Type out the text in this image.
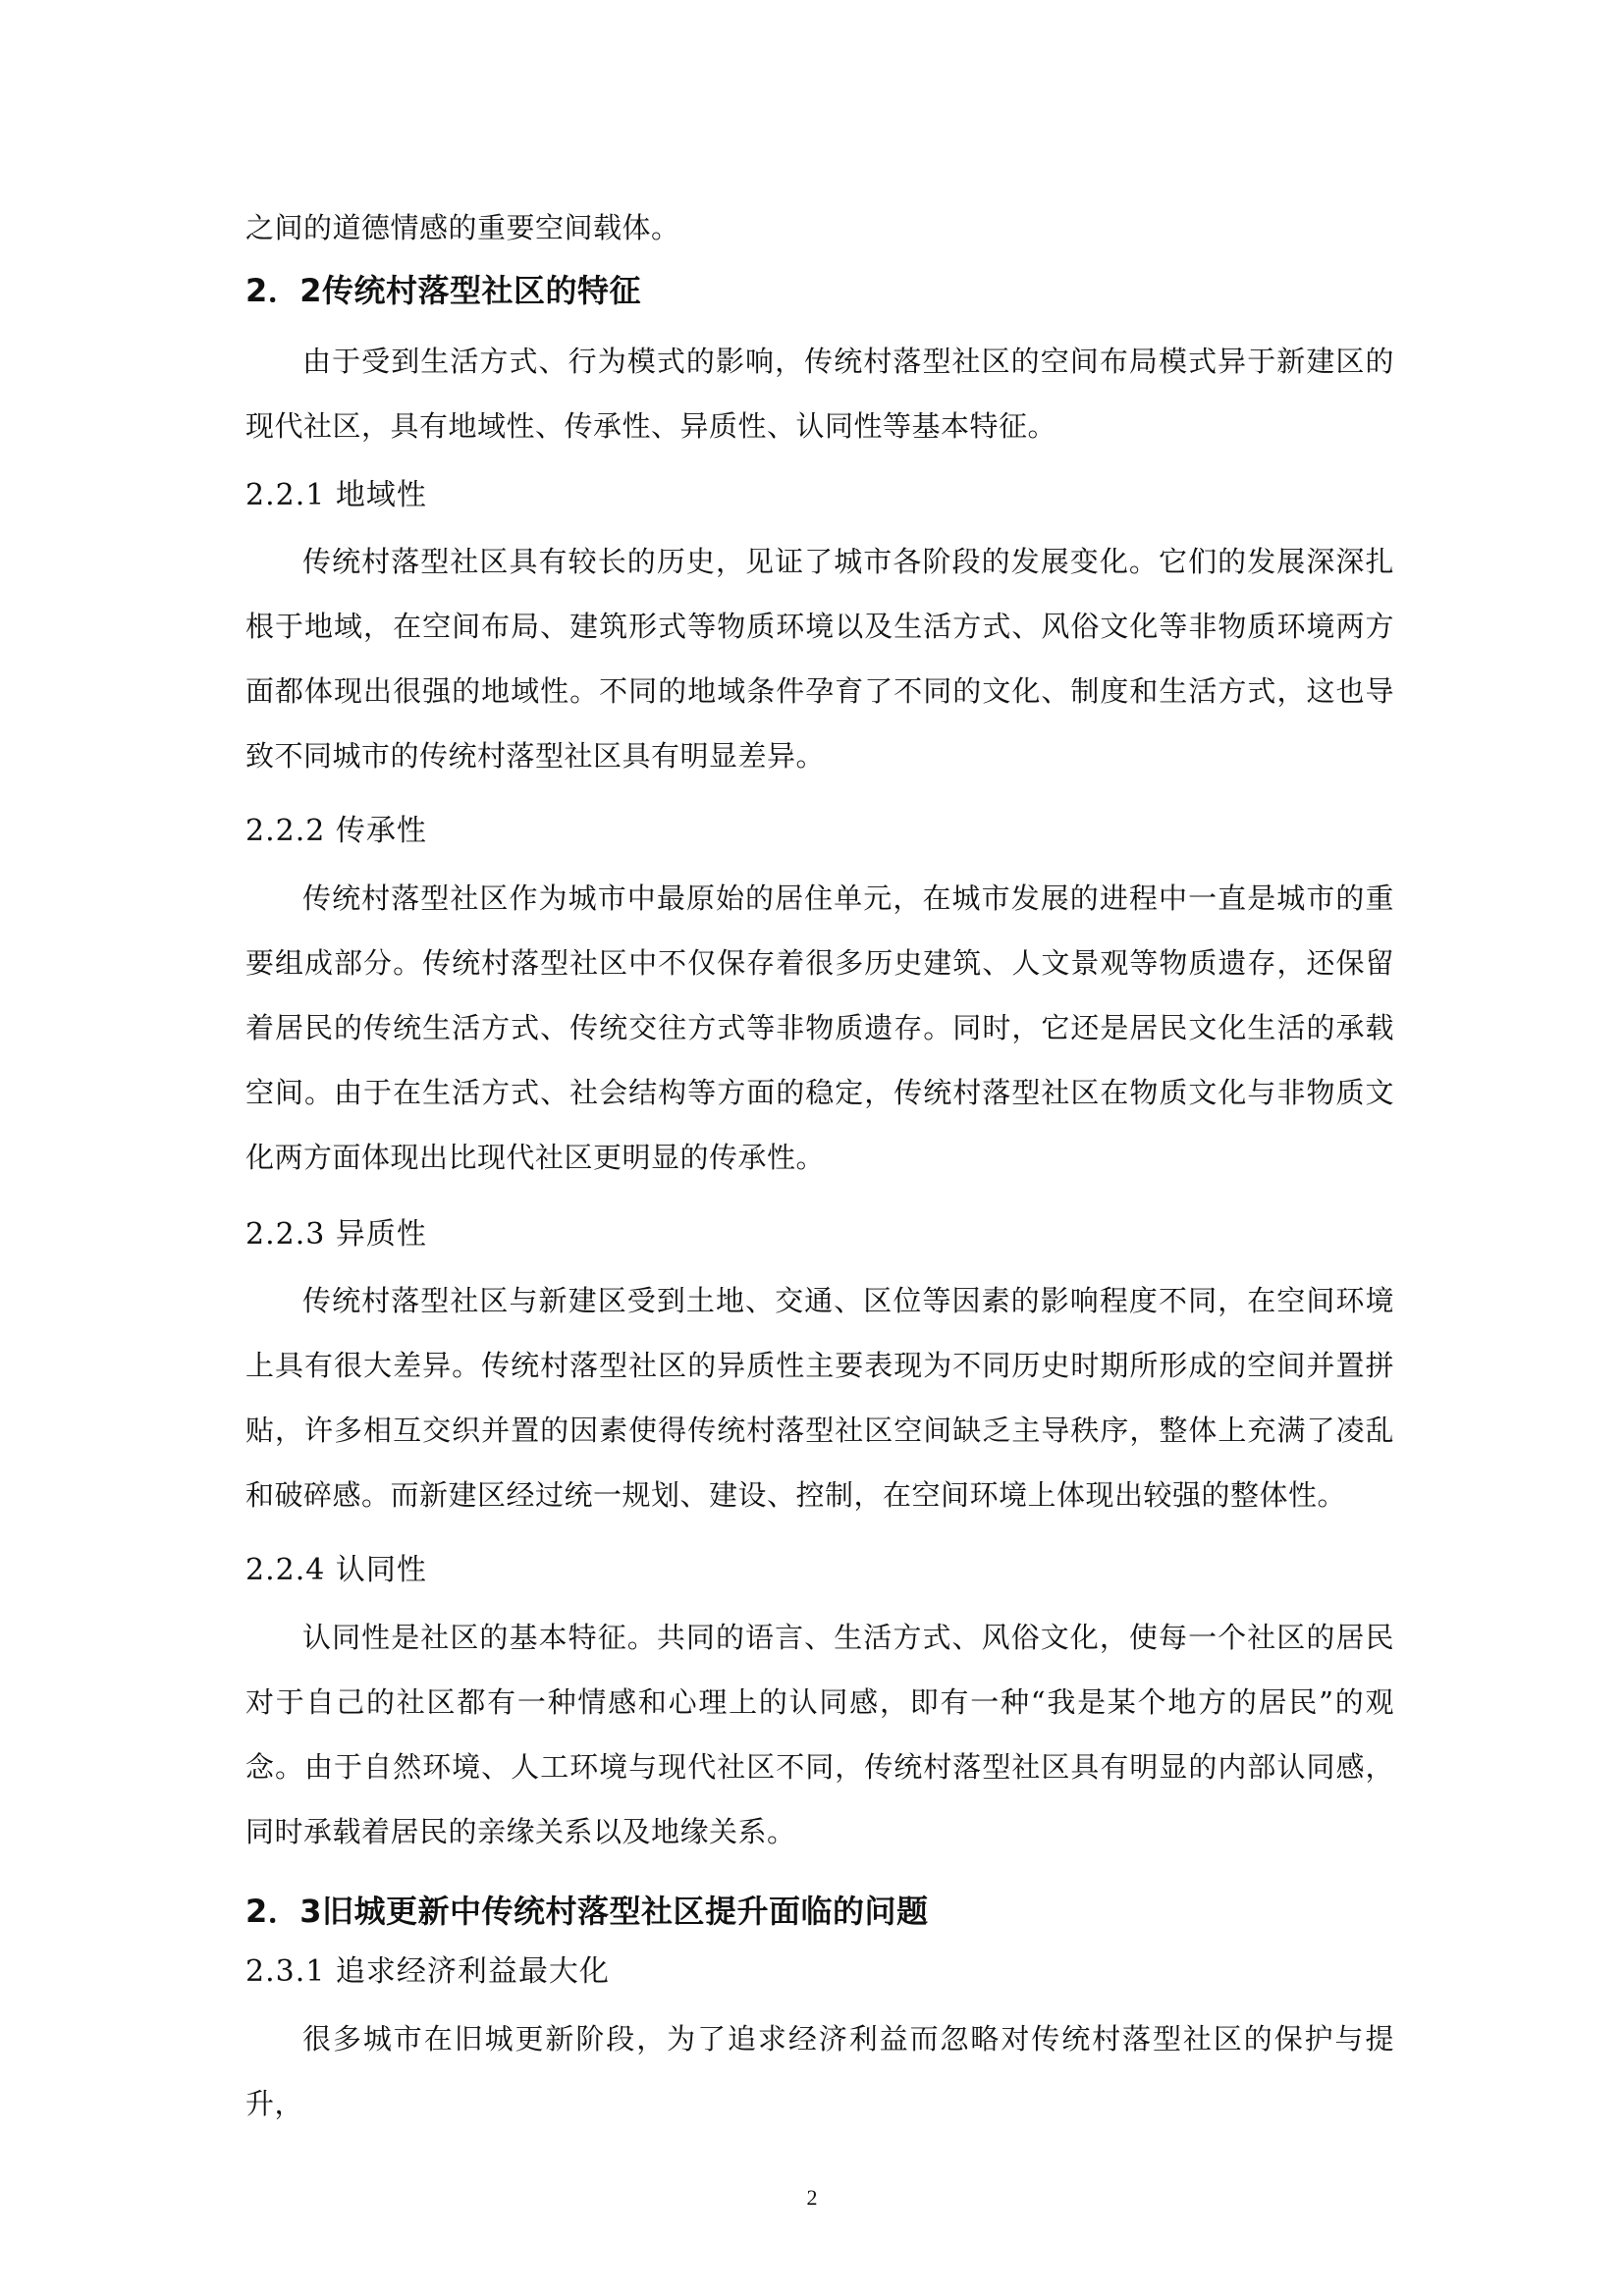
之间的道德情感的重要空间载体。

2．2传统村落型社区的特征

由于受到生活方式、行为模式的影响，传统村落型社区的空间布局模式异于新建区的现代社区，具有地域性、传承性、异质性、认同性等基本特征。

2.2.1 地域性

传统村落型社区具有较长的历史，见证了城市各阶段的发展变化。它们的发展深深扎根于地域，在空间布局、建筑形式等物质环境以及生活方式、风俗文化等非物质环境两方面都体现出很强的地域性。不同的地域条件孕育了不同的文化、制度和生活方式，这也导致不同城市的传统村落型社区具有明显差异。

2.2.2 传承性

传统村落型社区作为城市中最原始的居住单元，在城市发展的进程中一直是城市的重要组成部分。传统村落型社区中不仅保存着很多历史建筑、人文景观等物质遗存，还保留着居民的传统生活方式、传统交往方式等非物质遗存。同时，它还是居民文化生活的承载空间。由于在生活方式、社会结构等方面的稳定，传统村落型社区在物质文化与非物质文化两方面体现出比现代社区更明显的传承性。

2.2.3 异质性

传统村落型社区与新建区受到土地、交通、区位等因素的影响程度不同，在空间环境上具有很大差异。传统村落型社区的异质性主要表现为不同历史时期所形成的空间并置拼贴，许多相互交织并置的因素使得传统村落型社区空间缺乏主导秩序，整体上充满了凌乱和破碎感。而新建区经过统一规划、建设、控制，在空间环境上体现出较强的整体性。

2.2.4 认同性

认同性是社区的基本特征。共同的语言、生活方式、风俗文化，使每一个社区的居民对于自己的社区都有一种情感和心理上的认同感，即有一种“我是某个地方的居民”的观念。由于自然环境、人工环境与现代社区不同，传统村落型社区具有明显的内部认同感，同时承载着居民的亲缘关系以及地缘关系。

2．3旧城更新中传统村落型社区提升面临的问题
2.3.1 追求经济利益最大化

很多城市在旧城更新阶段，为了追求经济利益而忽略对传统村落型社区的保护与提升，

2
